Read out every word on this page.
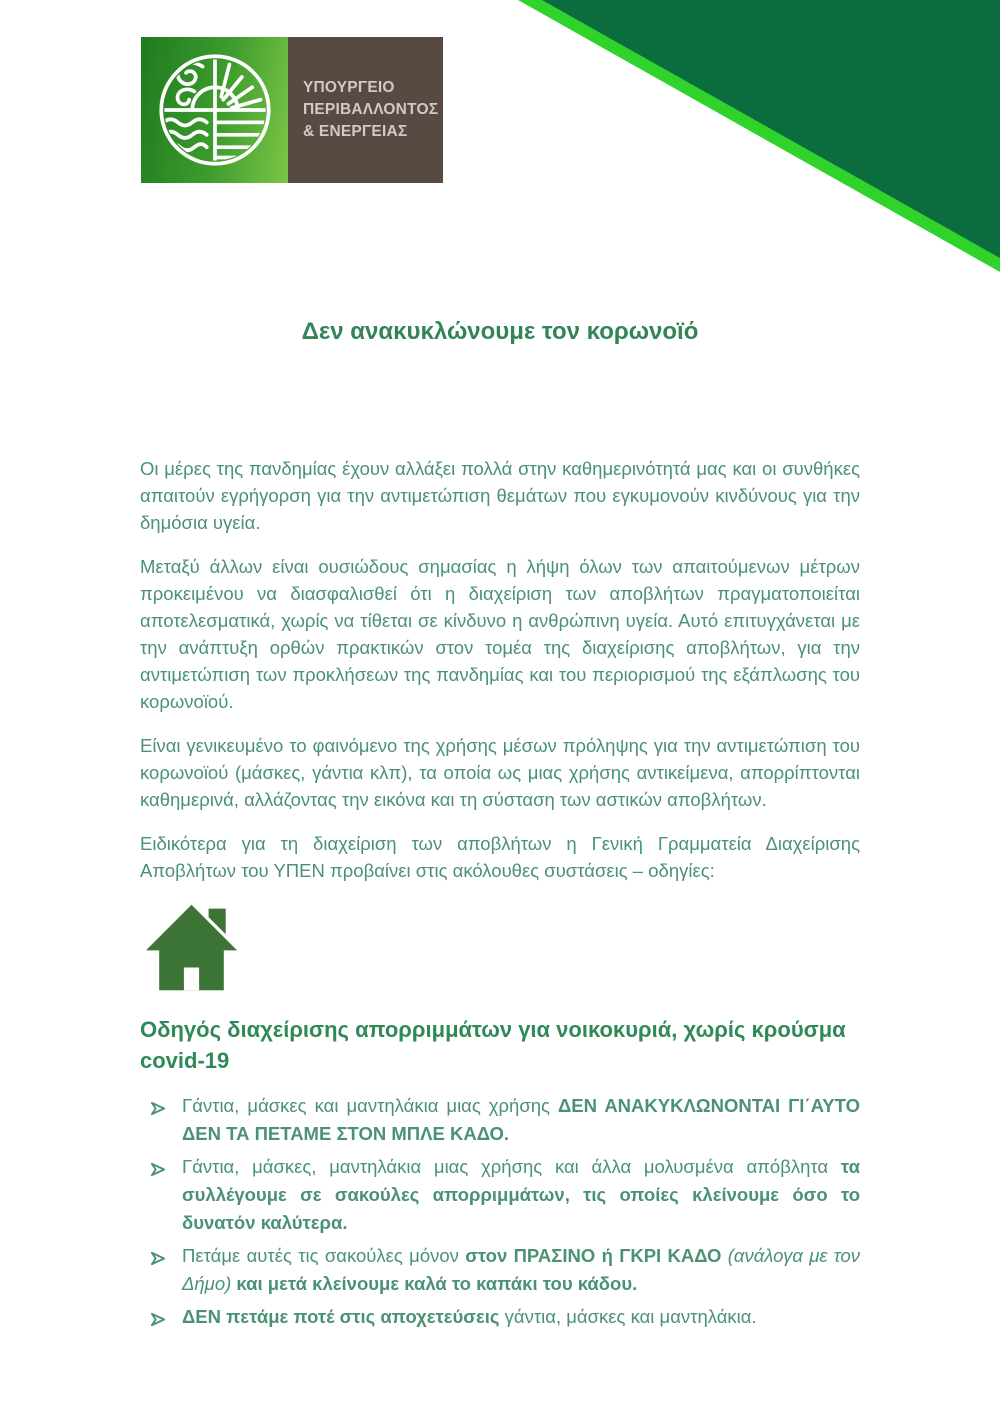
ΥΠΟΥΡΓΕΙΟ
ΠΕΡΙΒΑΛΛΟΝΤΟΣ
& ΕΝΕΡΓΕΙΑΣ
Δεν ανακυκλώνουμε τον κορωνοϊό

Οι μέρες της πανδημίας έχουν αλλάξει πολλά στην καθημερινότητά μας και οι συνθήκες απαιτούν εγρήγορση για την αντιμετώπιση θεμάτων που εγκυμονούν κινδύνους για την δημόσια υγεία.

Μεταξύ άλλων είναι ουσιώδους σημασίας η λήψη όλων των απαιτούμενων μέτρων προκειμένου να διασφαλισθεί ότι η διαχείριση των αποβλήτων πραγματοποιείται αποτελεσματικά, χωρίς να τίθεται σε κίνδυνο η ανθρώπινη υγεία. Αυτό επιτυγχάνεται με την ανάπτυξη ορθών πρακτικών στον τομέα της διαχείρισης αποβλήτων, για την αντιμετώπιση των προκλήσεων της πανδημίας και του περιορισμού της εξάπλωσης του κορωνοϊού.

Είναι γενικευμένο το φαινόμενο της χρήσης μέσων πρόληψης για την αντιμετώπιση του κορωνοϊού (μάσκες, γάντια κλπ), τα οποία ως μιας χρήσης αντικείμενα, απορρίπτονται καθημερινά, αλλάζοντας την εικόνα και τη σύσταση των αστικών αποβλήτων.

Ειδικότερα για τη διαχείριση των αποβλήτων η Γενική Γραμματεία Διαχείρισης Αποβλήτων του ΥΠΕΝ προβαίνει στις ακόλουθες συστάσεις – οδηγίες:

Οδηγός διαχείρισης απορριμμάτων για νοικοκυριά, χωρίς κρούσμα covid-19
Γάντια, μάσκες και μαντηλάκια μιας χρήσης ΔΕΝ ΑΝΑΚΥΚΛΩΝΟΝΤΑΙ ΓΙ΄ΑΥΤΟ ΔΕΝ ΤΑ ΠΕΤΑΜΕ ΣΤΟΝ ΜΠΛΕ ΚΑΔΟ.
Γάντια, μάσκες, μαντηλάκια μιας χρήσης και άλλα μολυσμένα απόβλητα τα συλλέγουμε σε σακούλες απορριμμάτων, τις οποίες κλείνουμε όσο το δυνατόν καλύτερα.
Πετάμε αυτές τις σακούλες μόνον στον ΠΡΑΣΙΝΟ ή ΓΚΡΙ ΚΑΔΟ (ανάλογα με τον Δήμο) και μετά κλείνουμε καλά το καπάκι του κάδου.
ΔΕΝ πετάμε ποτέ στις αποχετεύσεις γάντια, μάσκες και μαντηλάκια.
